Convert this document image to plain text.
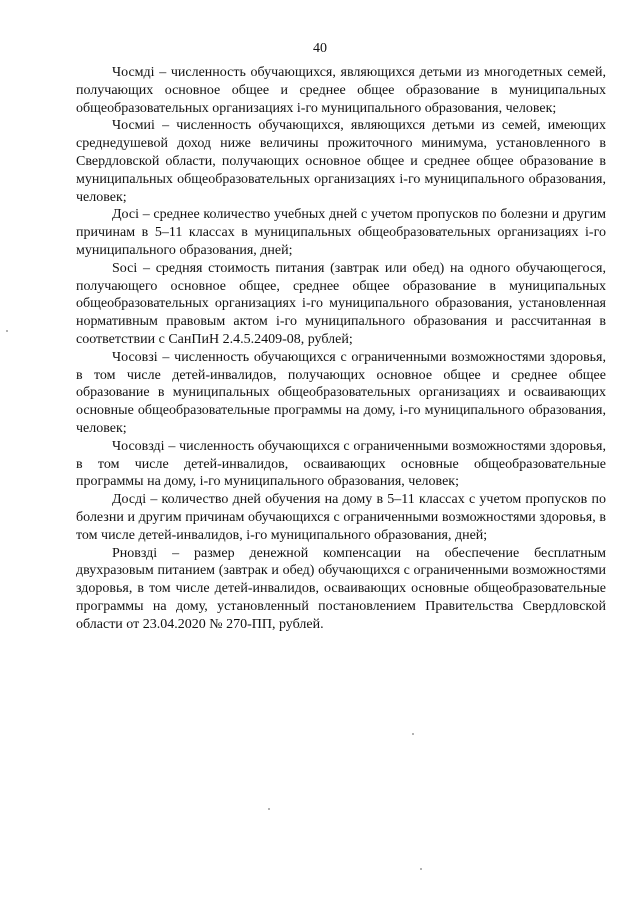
40

Чосмді – численность обучающихся, являющихся детьми из многодетных семей, получающих основное общее и среднее общее образование в муниципальных общеобразовательных организациях і-го муниципального образования, человек;

Чосмиі – численность обучающихся, являющихся детьми из семей, имеющих среднедушевой доход ниже величины прожиточного минимума, установленного в Свердловской области, получающих основное общее и среднее общее образование в муниципальных общеобразовательных организациях і-го муниципального образования, человек;

Досі – среднее количество учебных дней с учетом пропусков по болезни и другим причинам в 5–11 классах в муниципальных общеобразовательных организациях і-го муниципального образования, дней;

Sосі – средняя стоимость питания (завтрак или обед) на одного обучающегося, получающего основное общее, среднее общее образование в муниципальных общеобразовательных организациях і-го муниципального образования, установленная нормативным правовым актом і-го муниципального образования и рассчитанная в соответствии с СанПиН 2.4.5.2409-08, рублей;

Чосовзі – численность обучающихся с ограниченными возможностями здоровья, в том числе детей-инвалидов, получающих основное общее и среднее общее образование в муниципальных общеобразовательных организациях и осваивающих основные общеобразовательные программы на дому, і-го муниципального образования, человек;

Чосовзді – численность обучающихся с ограниченными возможностями здоровья, в том числе детей-инвалидов, осваивающих основные общеобразовательные программы на дому, і-го муниципального образования, человек;

Досді – количество дней обучения на дому в 5–11 классах с учетом пропусков по болезни и другим причинам обучающихся с ограниченными возможностями здоровья, в том числе детей-инвалидов, і-го муниципального образования, дней;

Рновзді – размер денежной компенсации на обеспечение бесплатным двухразовым питанием (завтрак и обед) обучающихся с ограниченными возможностями здоровья, в том числе детей-инвалидов, осваивающих основные общеобразовательные программы на дому, установленный постановлением Правительства Свердловской области от 23.04.2020 № 270-ПП, рублей.
